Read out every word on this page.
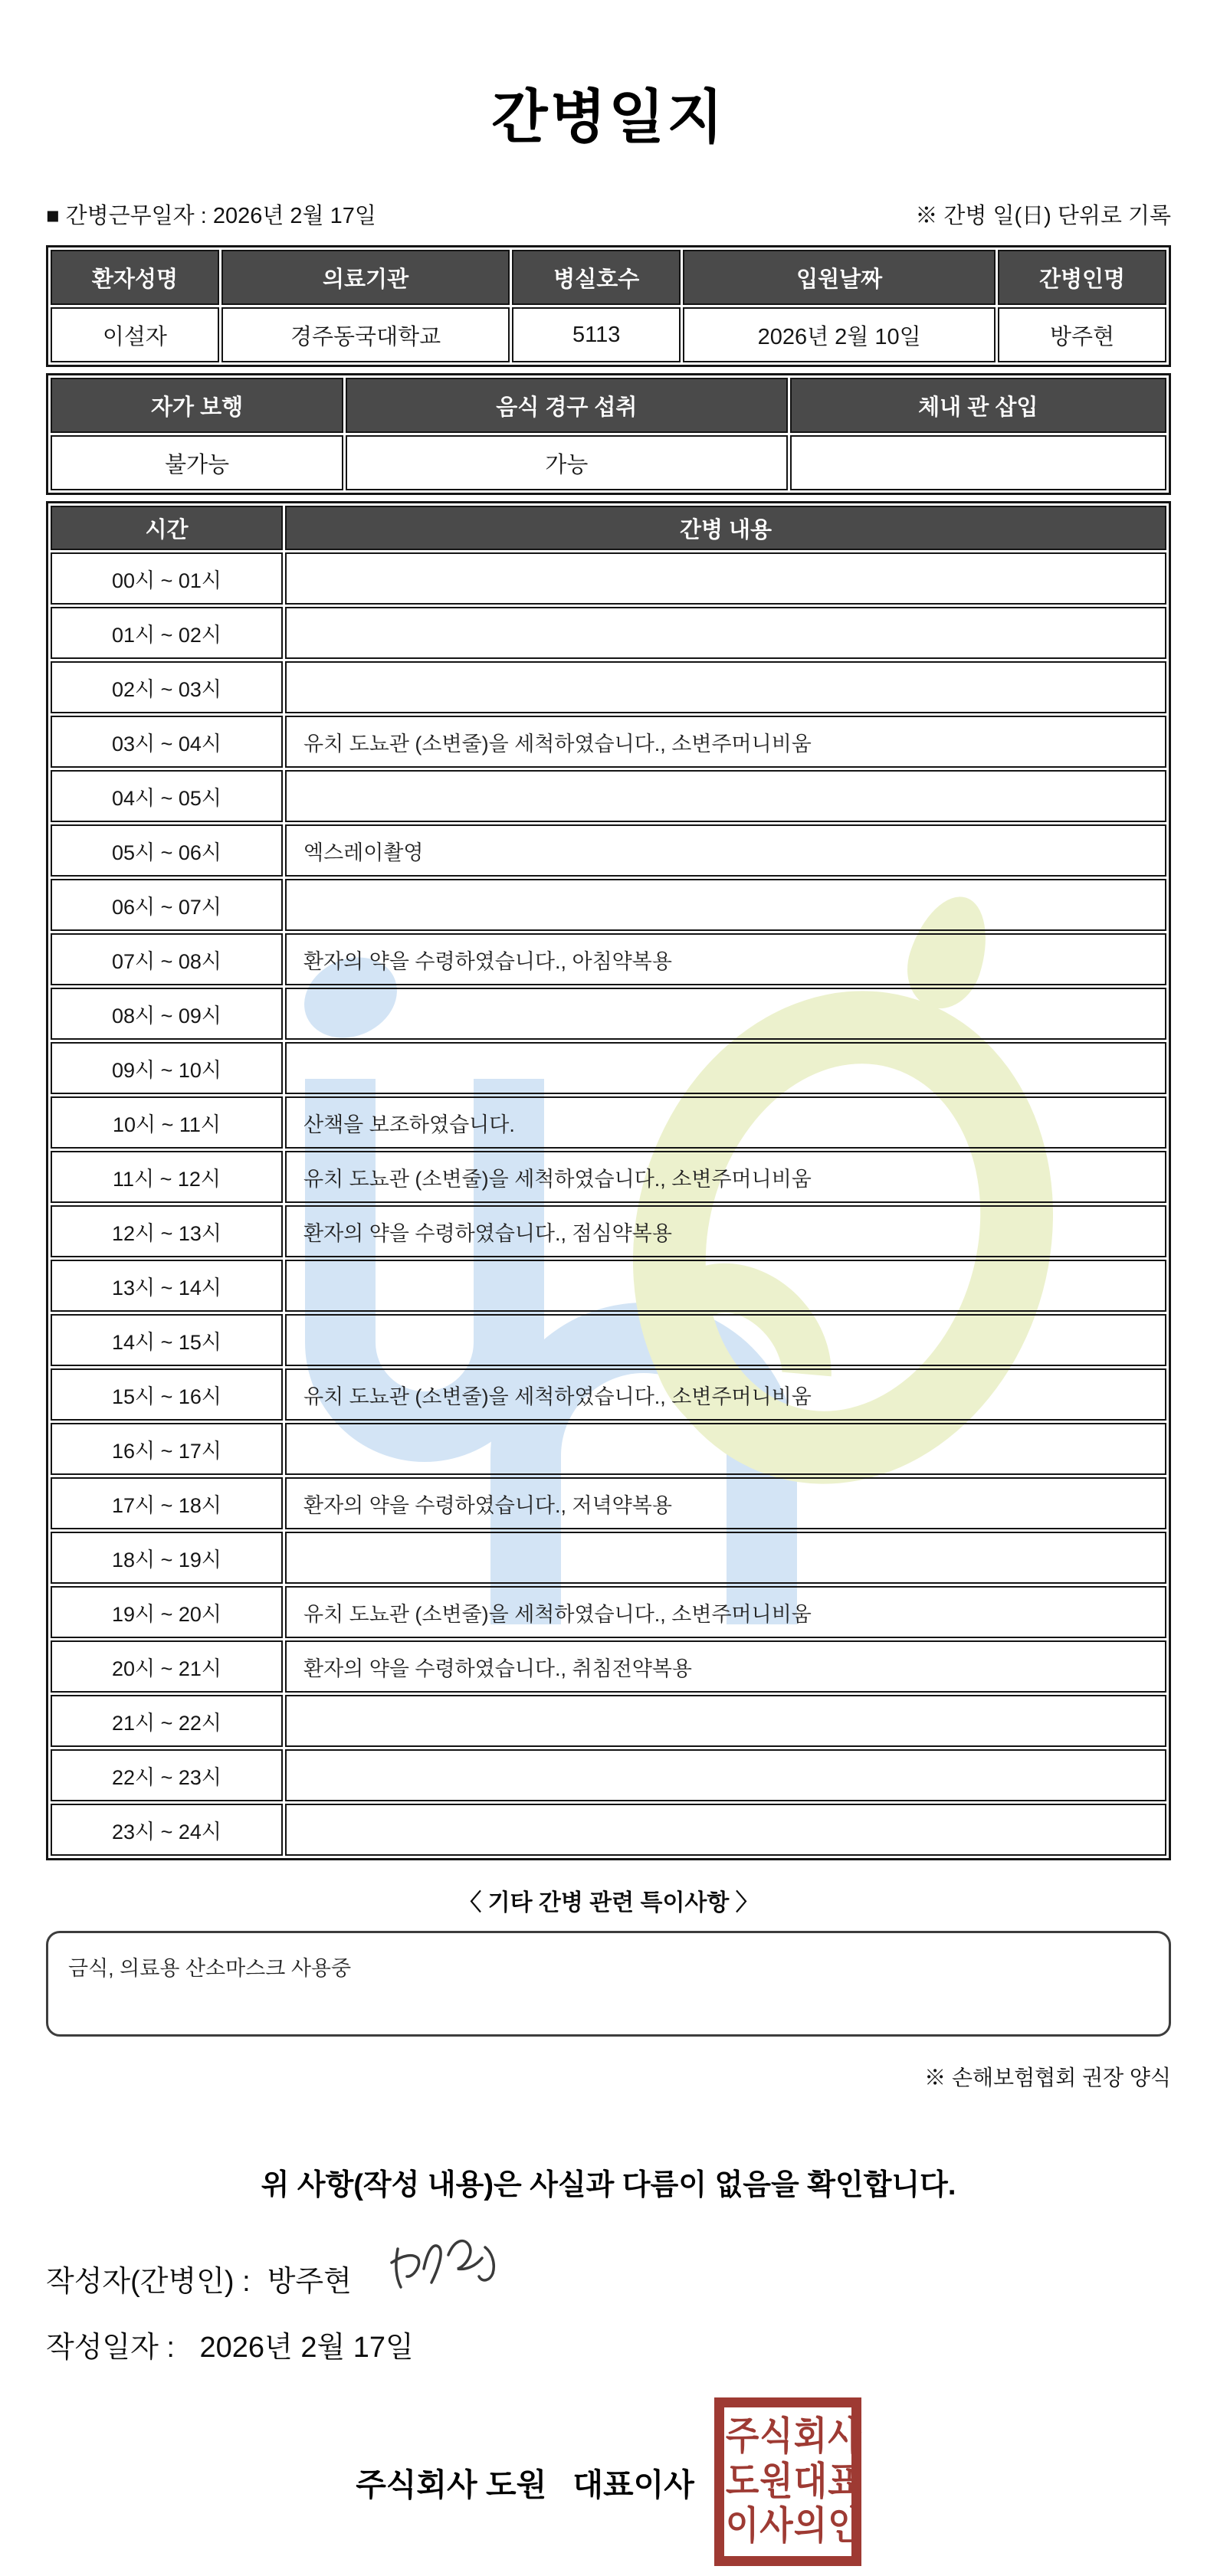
간병일지
■ 간병근무일자 : 2026년 2월 17일	※ 간병 일(日) 단위로 기록
환자성명	의료기관	병실호수	입원날짜	간병인명
이설자	경주동국대학교	5113	2026년 2월 10일	방주현
자가 보행	음식 경구 섭취	체내 관 삽입
불가능	가능	
시간	간병 내용
00시 ~ 01시	
01시 ~ 02시	
02시 ~ 03시	
03시 ~ 04시	유치 도뇨관 (소변줄)을 세척하였습니다., 소변주머니비움
04시 ~ 05시	
05시 ~ 06시	엑스레이촬영
06시 ~ 07시	
07시 ~ 08시	환자의 약을 수령하였습니다., 아침약복용
08시 ~ 09시	
09시 ~ 10시	
10시 ~ 11시	산책을 보조하였습니다.
11시 ~ 12시	유치 도뇨관 (소변줄)을 세척하였습니다., 소변주머니비움
12시 ~ 13시	환자의 약을 수령하였습니다., 점심약복용
13시 ~ 14시	
14시 ~ 15시	
15시 ~ 16시	유치 도뇨관 (소변줄)을 세척하였습니다., 소변주머니비움
16시 ~ 17시	
17시 ~ 18시	환자의 약을 수령하였습니다., 저녁약복용
18시 ~ 19시	
19시 ~ 20시	유치 도뇨관 (소변줄)을 세척하였습니다., 소변주머니비움
20시 ~ 21시	환자의 약을 수령하였습니다., 취침전약복용
21시 ~ 22시	
22시 ~ 23시	
23시 ~ 24시	
〈 기타 간병 관련 특이사항 〉
금식, 의료용 산소마스크 사용중
※ 손해보험협회 권장 양식
위 사항(작성 내용)은 사실과 다름이 없음을 확인합니다.
작성자(간병인) : 방주현
작성일자 : 2026년 2월 17일
주식회사 도원   대표이사
주식회사
도원대표
이사의인
